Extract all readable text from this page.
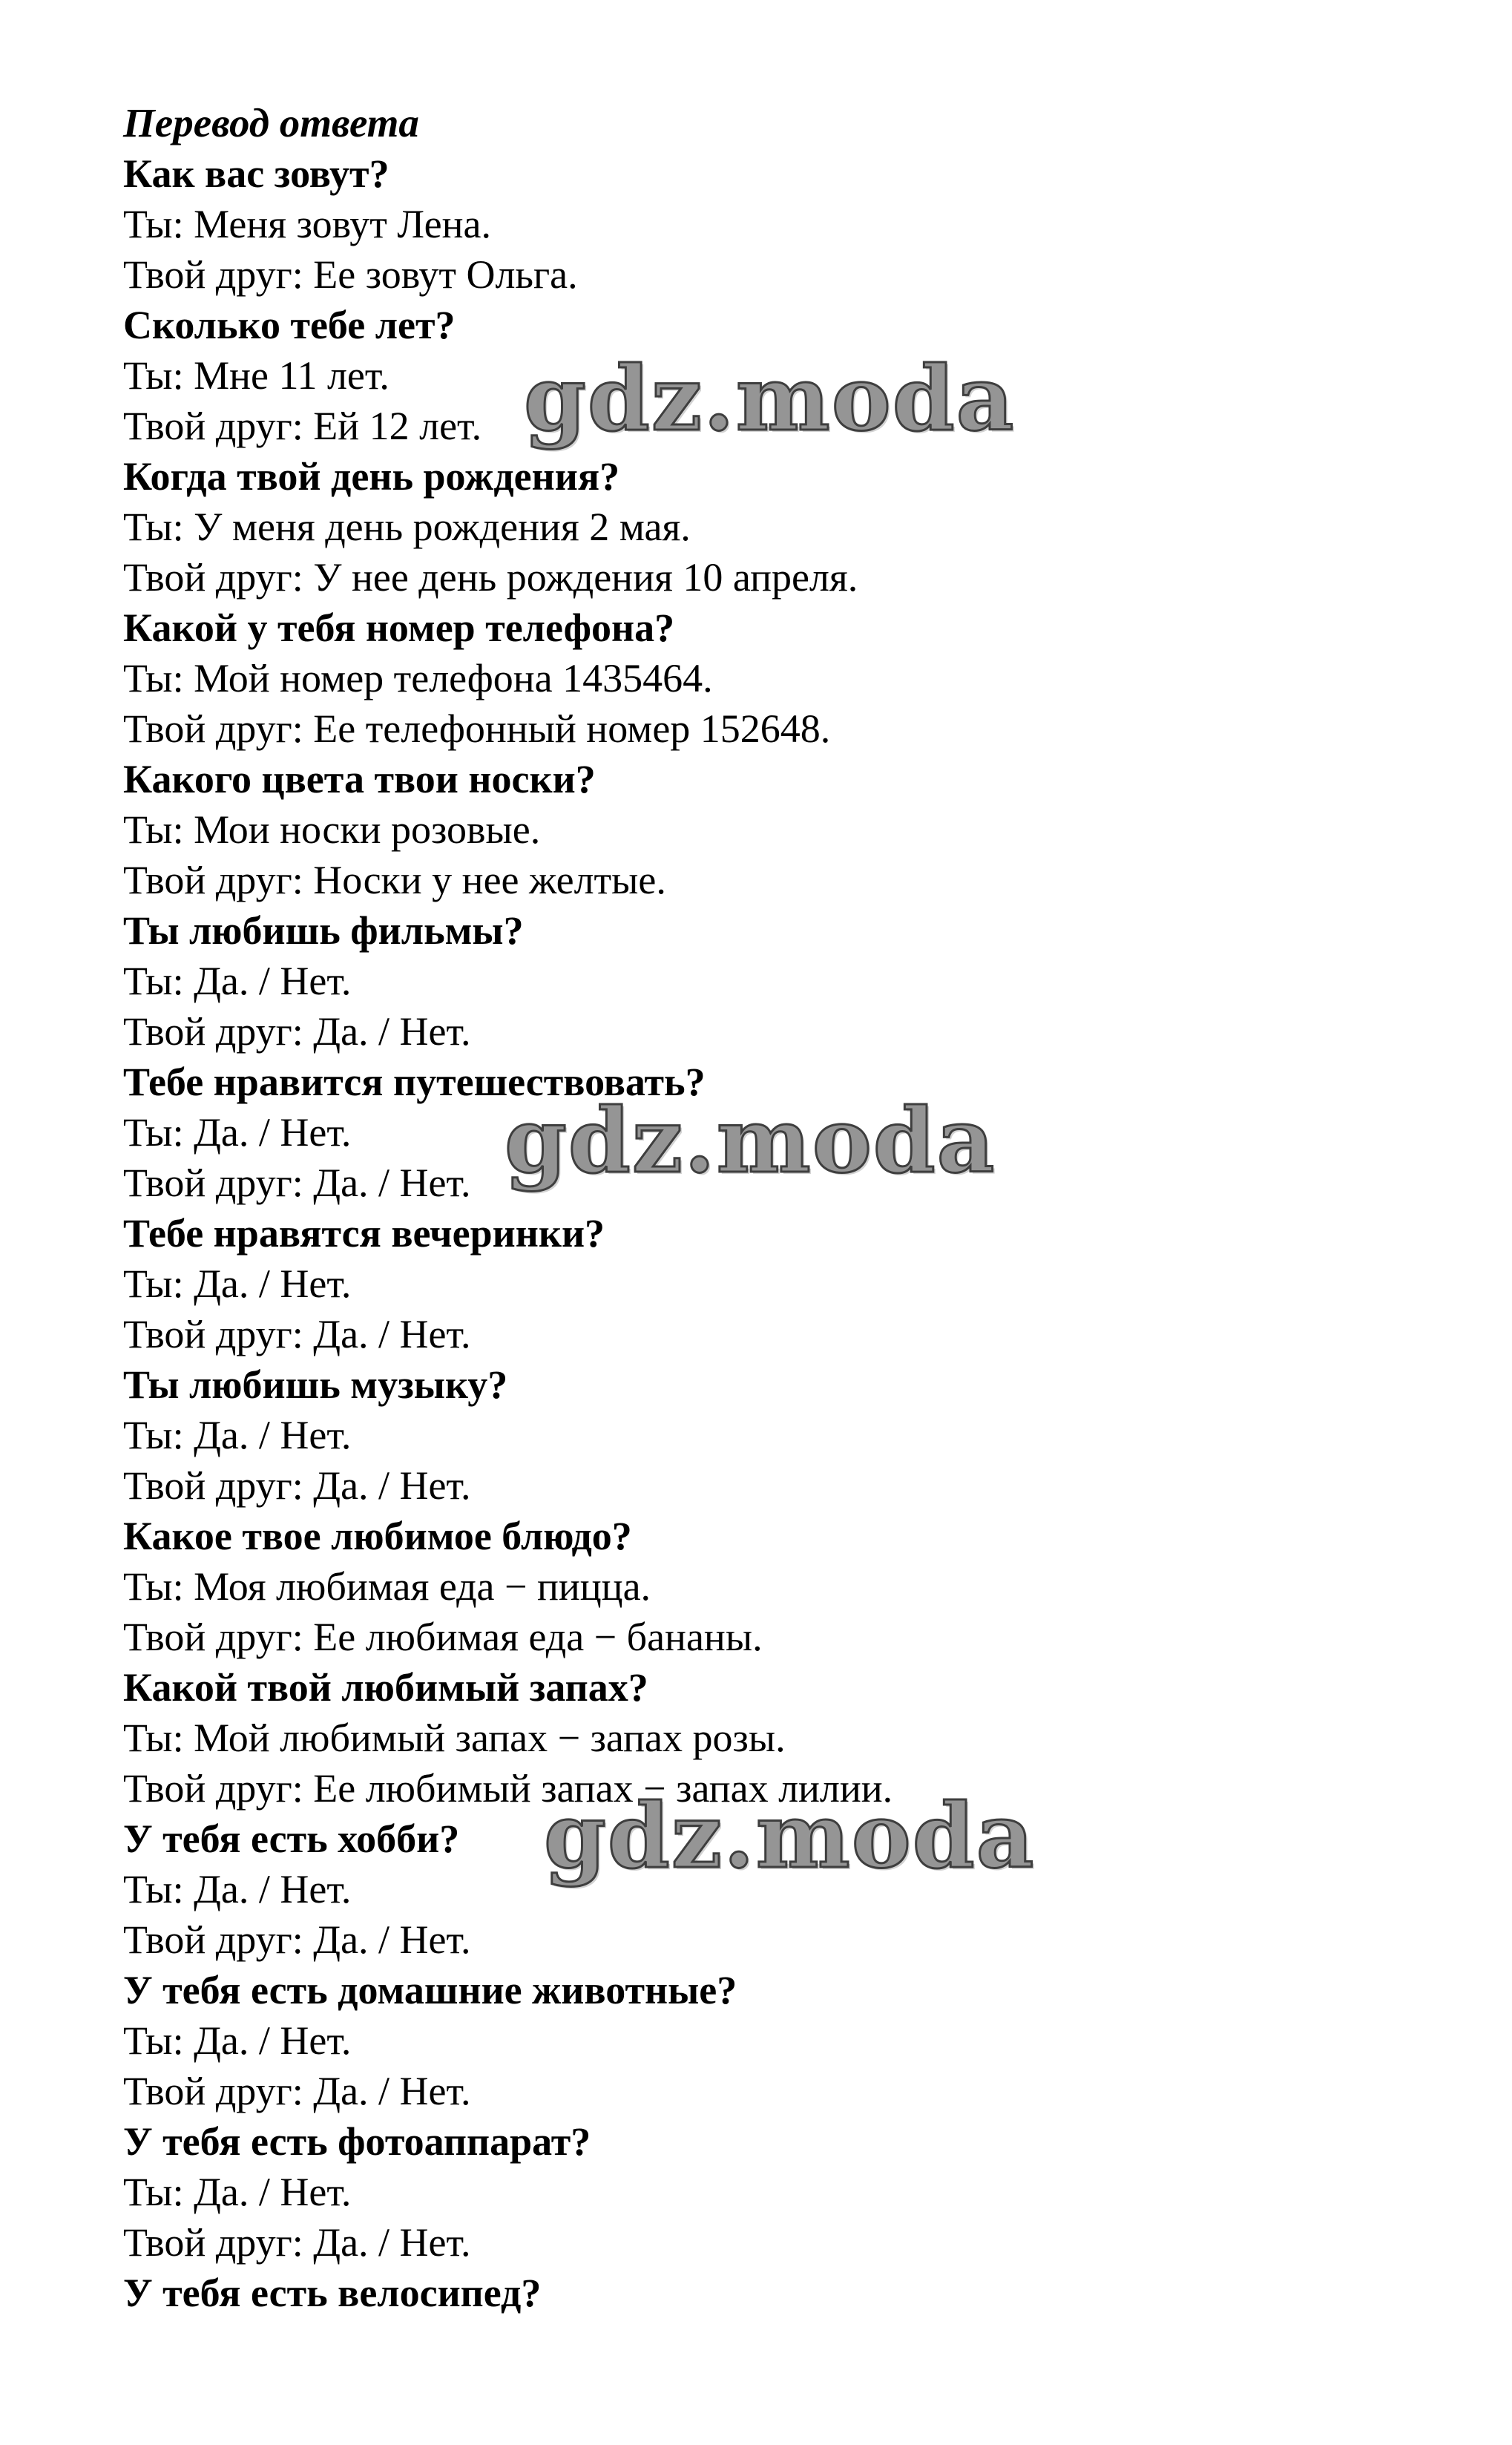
Перевод ответа
Как вас зовут?
Ты: Меня зовут Лена.
Твой друг: Ее зовут Ольга.
Сколько тебе лет?
Ты: Мне 11 лет.
Твой друг: Ей 12 лет.
Когда твой день рождения?
Ты: У меня день рождения 2 мая.
Твой друг: У нее день рождения 10 апреля.
Какой у тебя номер телефона?
Ты: Мой номер телефона 1435464.
Твой друг: Ее телефонный номер 152648.
Какого цвета твои носки?
Ты: Мои носки розовые.
Твой друг: Носки у нее желтые.
Ты любишь фильмы?
Ты: Да. / Нет.
Твой друг: Да. / Нет.
Тебе нравится путешествовать?
Ты: Да. / Нет.
Твой друг: Да. / Нет.
Тебе нравятся вечеринки?
Ты: Да. / Нет.
Твой друг: Да. / Нет.
Ты любишь музыку?
Ты: Да. / Нет.
Твой друг: Да. / Нет.
Какое твое любимое блюдо?
Ты: Моя любимая еда − пицца.
Твой друг: Ее любимая еда − бананы.
Какой твой любимый запах?
Ты: Мой любимый запах − запах розы.
Твой друг: Ее любимый запах − запах лилии.
У тебя есть хобби?
Ты: Да. / Нет.
Твой друг: Да. / Нет.
У тебя есть домашние животные?
Ты: Да. / Нет.
Твой друг: Да. / Нет.
У тебя есть фотоаппарат?
Ты: Да. / Нет.
Твой друг: Да. / Нет.
У тебя есть велосипед?
gdz.moda
gdz.moda
gdz.moda
